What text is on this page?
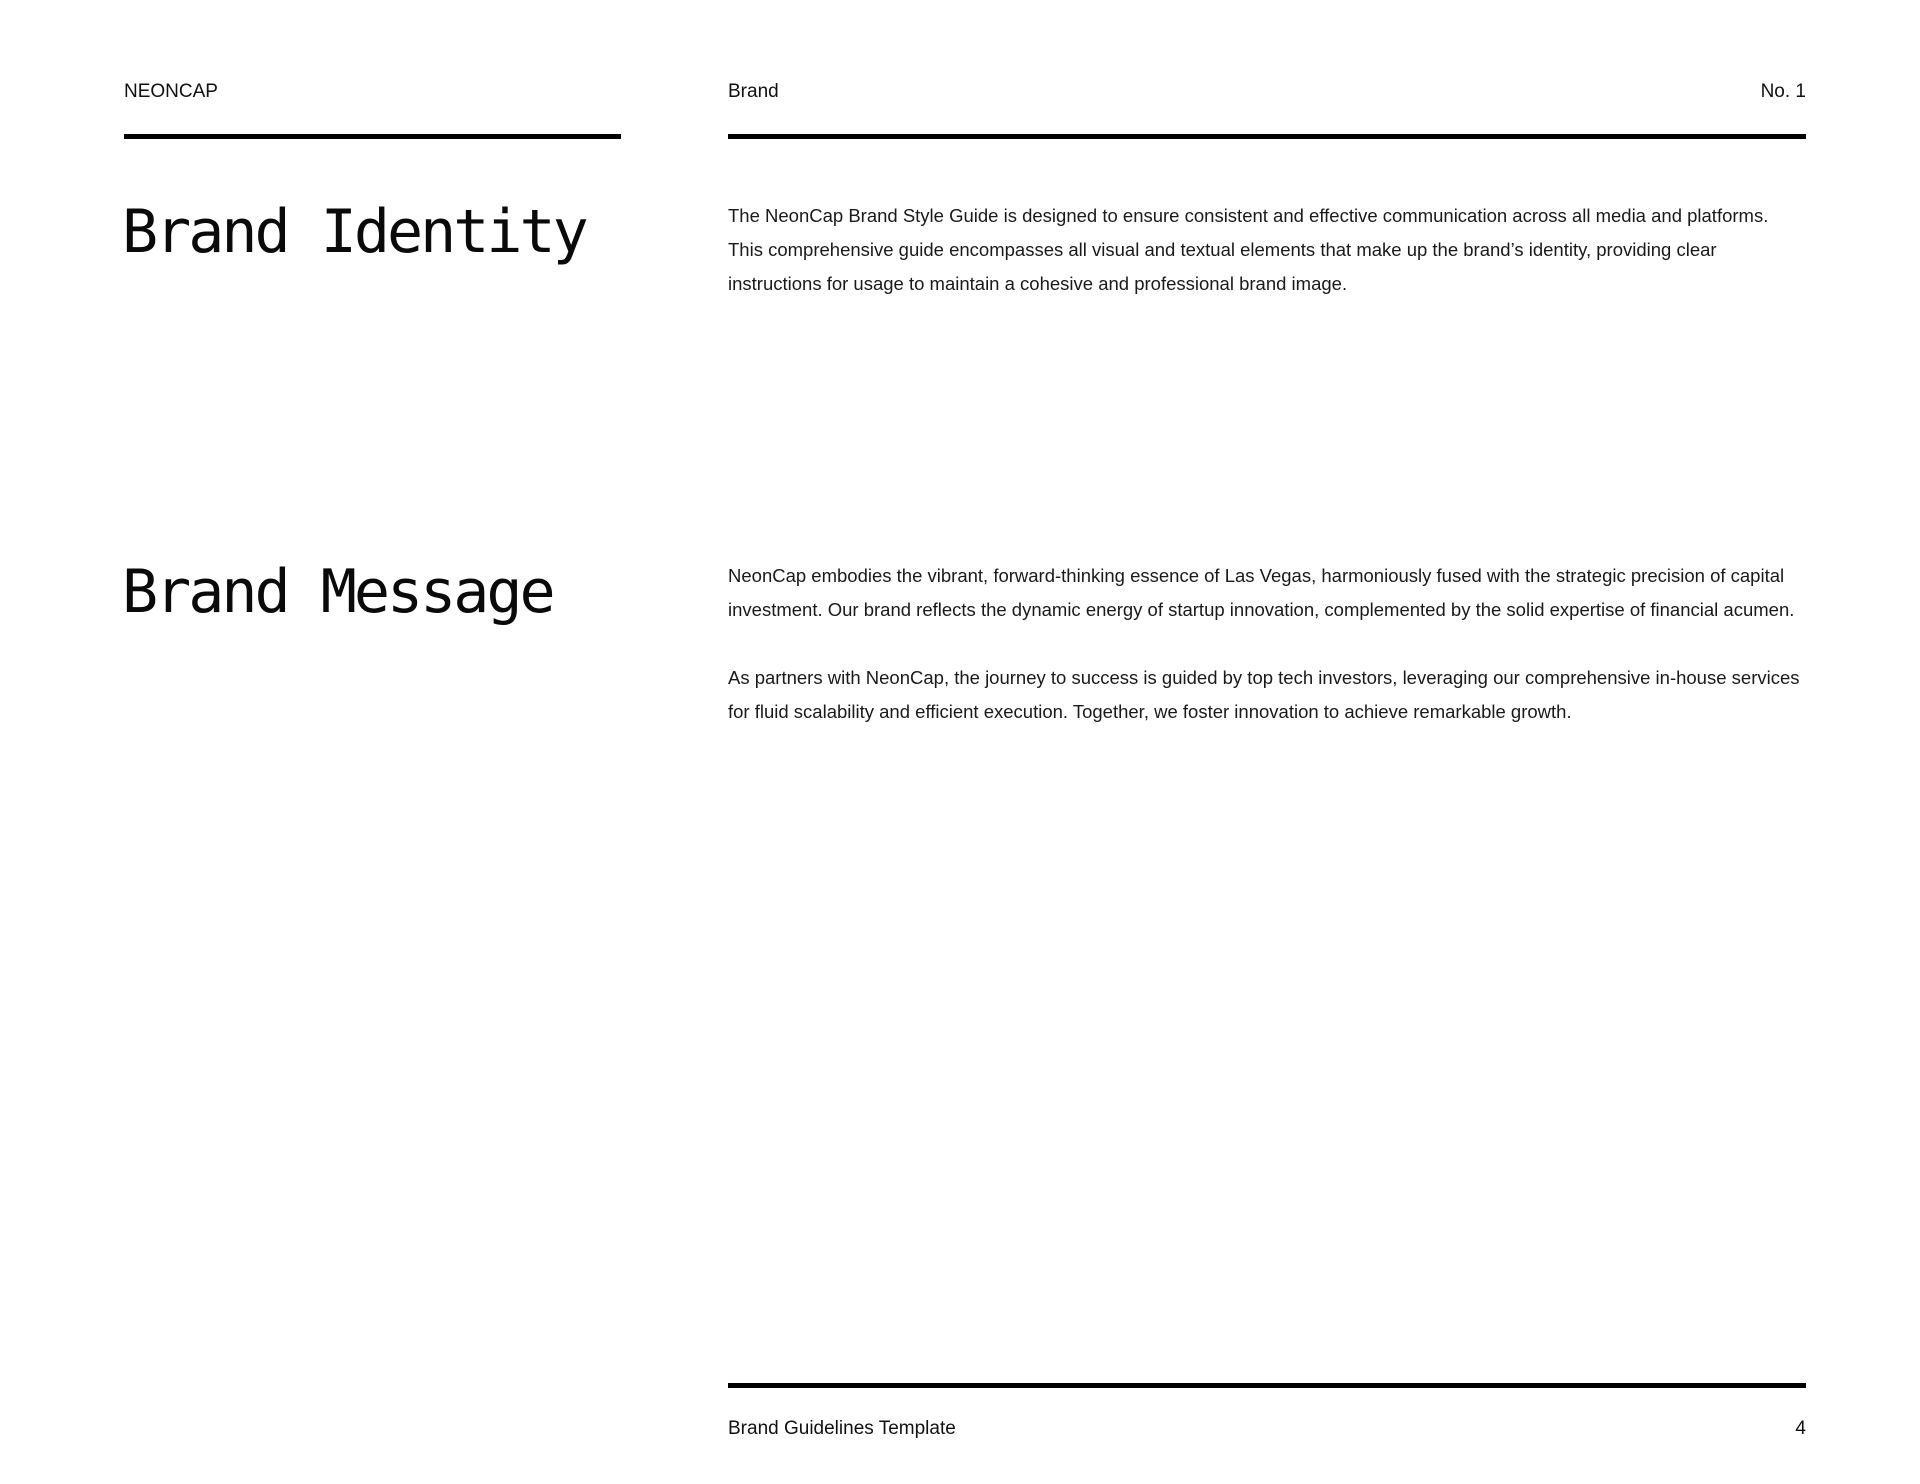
NEONCAP	Brand	No. 1
Brand Identity	The NeonCap Brand Style Guide is designed to ensure consistent and effective communication across all media and platforms. This comprehensive guide encompasses all visual and textual elements that make up the brand’s identity, providing clear instructions for usage to maintain a cohesive and professional brand image.

Brand Message	NeonCap embodies the vibrant, forward-thinking essence of Las Vegas, harmoniously fused with the strategic precision of capital investment. Our brand reflects the dynamic energy of startup innovation, complemented by the solid expertise of financial acumen.

As partners with NeonCap, the journey to success is guided by top tech investors, leveraging our comprehensive in-house services for fluid scalability and efficient execution. Together, we foster innovation to achieve remarkable growth.

Brand Guidelines Template	4
